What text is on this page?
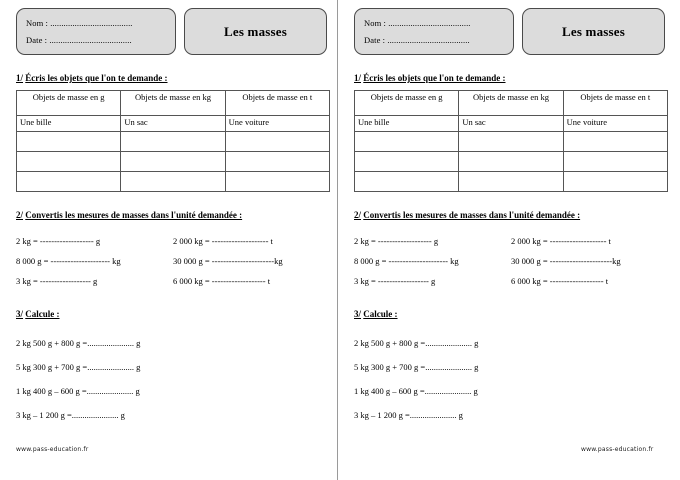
Nom : .....................................
Date : .....................................
Les masses
1/ Écris les objets que l'on te demande :
Objets de masse en g	Objets de masse en kg	Objets de masse en t
Une bille	Un sac	Une voiture

2/ Convertis les mesures de masses dans l'unité demandée :
2 kg = ------------------- g	2 000 kg = -------------------- t
8 000 g = --------------------- kg	30 000 g = ----------------------kg
3 kg = ------------------ g	6 000 kg = ------------------- t
3/ Calcule :
2 kg 500 g + 800 g =...................... g
5 kg 300 g + 700 g =...................... g
1 kg 400 g – 600 g =...................... g
3 kg – 1 200 g =...................... g
www.pass-education.fr
Nom : .....................................
Date : .....................................
Les masses
1/ Écris les objets que l'on te demande :
Objets de masse en g	Objets de masse en kg	Objets de masse en t
Une bille	Un sac	Une voiture

2/ Convertis les mesures de masses dans l'unité demandée :
2 kg = ------------------- g	2 000 kg = -------------------- t
8 000 g = --------------------- kg	30 000 g = ----------------------kg
3 kg = ------------------ g	6 000 kg = ------------------- t
3/ Calcule :
2 kg 500 g + 800 g =...................... g
5 kg 300 g + 700 g =...................... g
1 kg 400 g – 600 g =...................... g
3 kg – 1 200 g =...................... g
www.pass-education.fr
